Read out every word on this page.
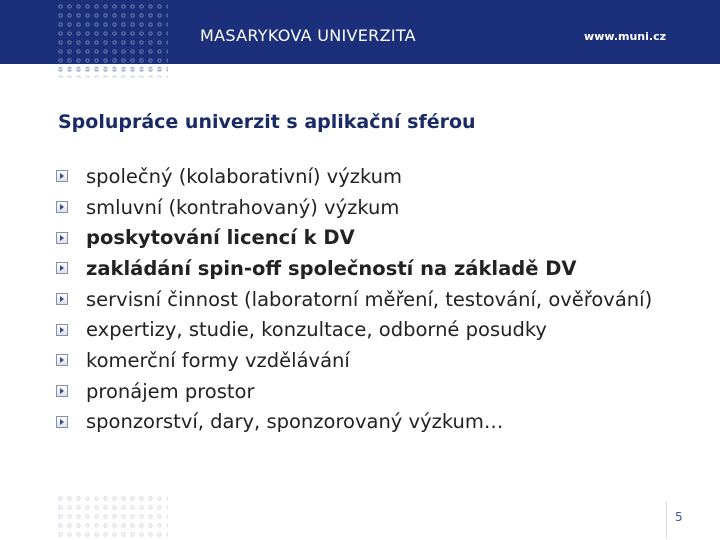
MASARYKOVA UNIVERZITA	www.muni.cz
Spolupráce univerzit s aplikační sférou
společný (kolaborativní) výzkum
smluvní (kontrahovaný) výzkum
poskytování licencí k DV
zakládání spin-off společností na základě DV
servisní činnost (laboratorní měření, testování, ověřování)
expertizy, studie, konzultace, odborné posudky
komerční formy vzdělávání
pronájem prostor
sponzorství, dary, sponzorovaný výzkum…
5
